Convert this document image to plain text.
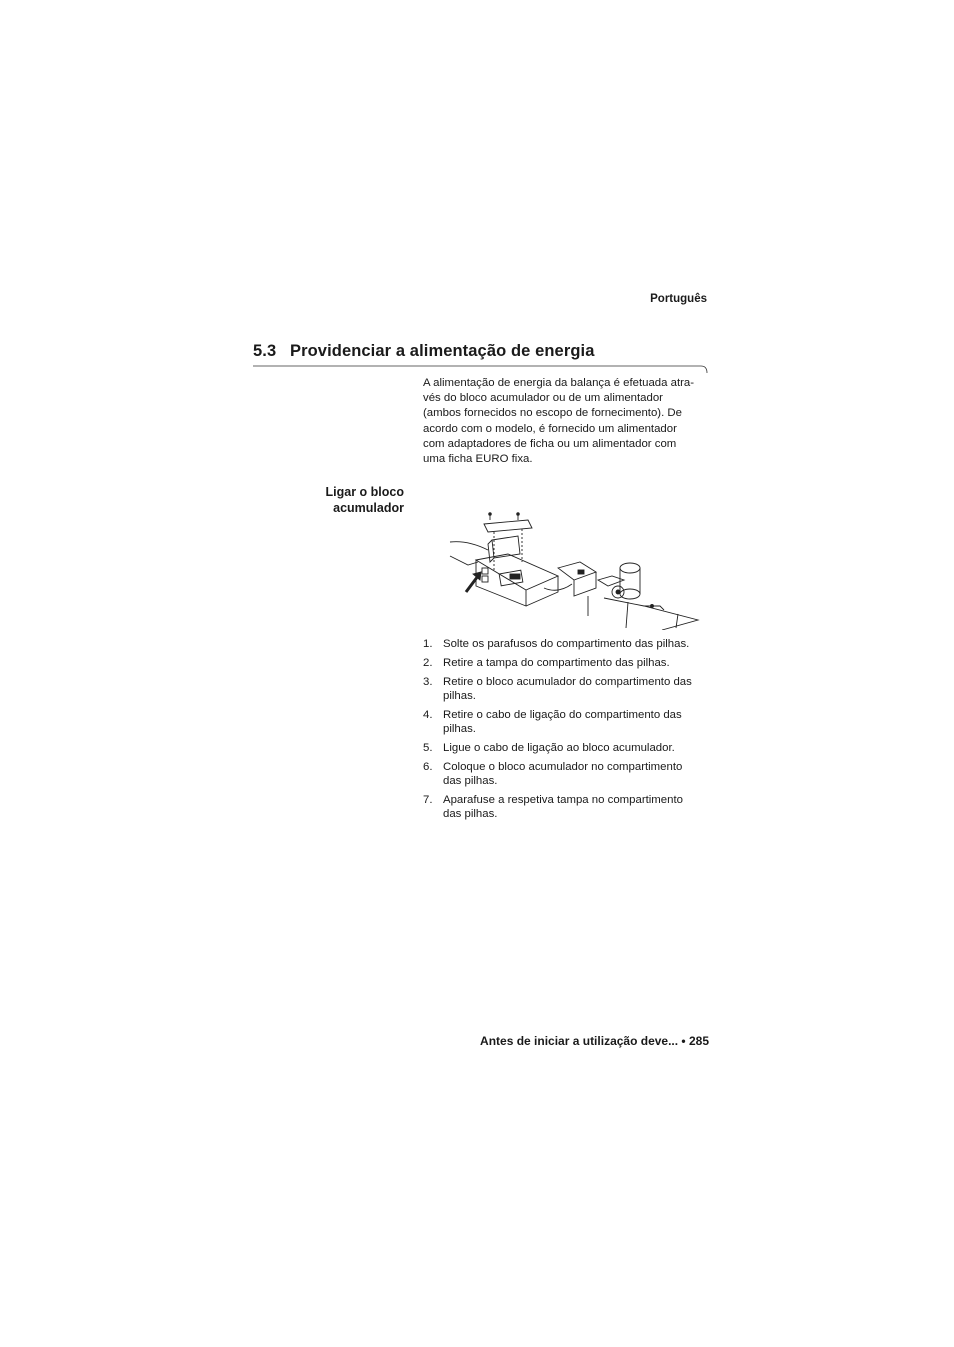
Português
5.3 Providenciar a alimentação de energia
A alimentação de energia da balança é efetuada atra-
vés do bloco acumulador ou de um alimentador
(ambos fornecidos no escopo de fornecimento). De
acordo com o modelo, é fornecido um alimentador
com adaptadores de ficha ou um alimentador com
uma ficha EURO fixa.
Ligar o bloco
acumulador
1. Solte os parafusos do compartimento das pilhas.
2. Retire a tampa do compartimento das pilhas.
3. Retire o bloco acumulador do compartimento das
pilhas.
4. Retire o cabo de ligação do compartimento das
pilhas.
5. Ligue o cabo de ligação ao bloco acumulador.
6. Coloque o bloco acumulador no compartimento
das pilhas.
7. Aparafuse a respetiva tampa no compartimento
das pilhas.
Antes de iniciar a utilização deve... • 285
